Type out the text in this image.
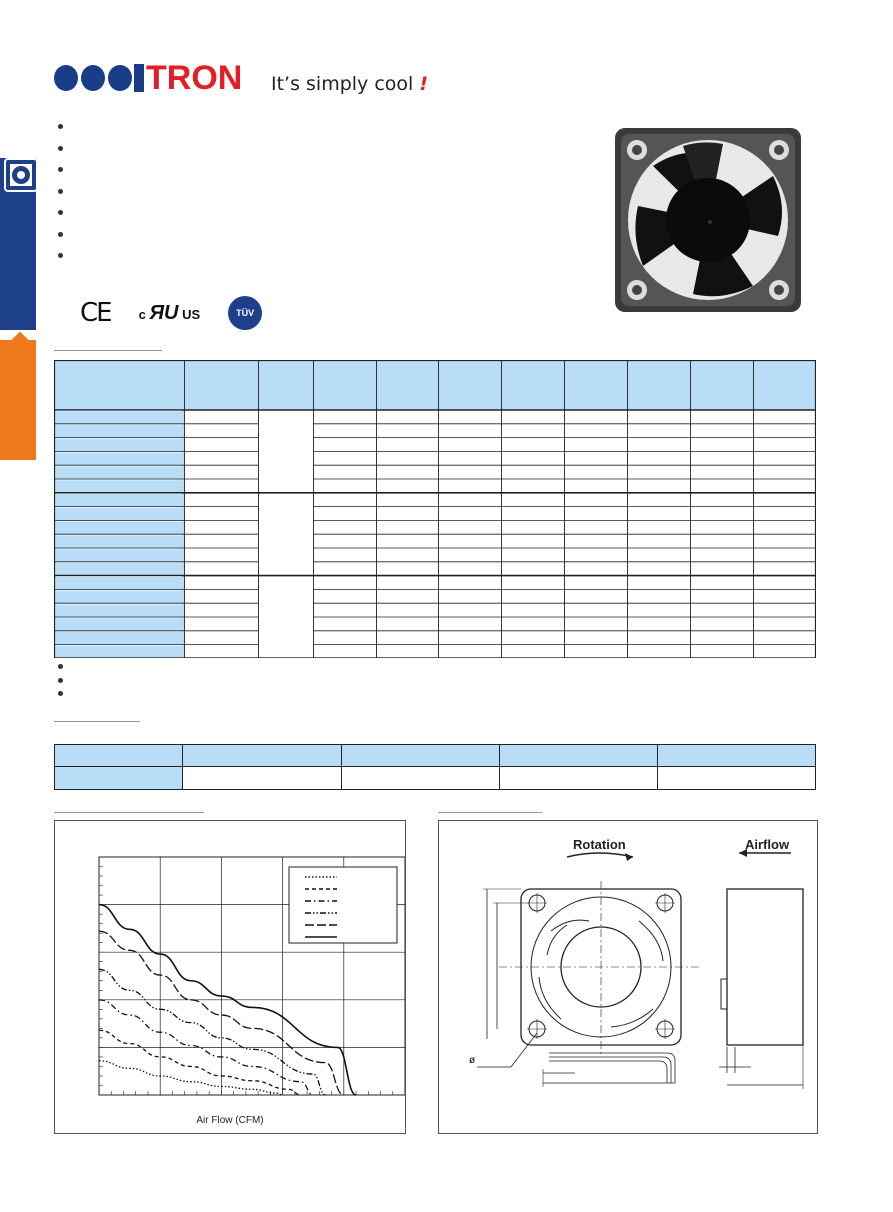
TRON It’s simply cool !
CE c ЯU US	TÜV
Air Flow (CFM)
Rotation	Airflow
ø
